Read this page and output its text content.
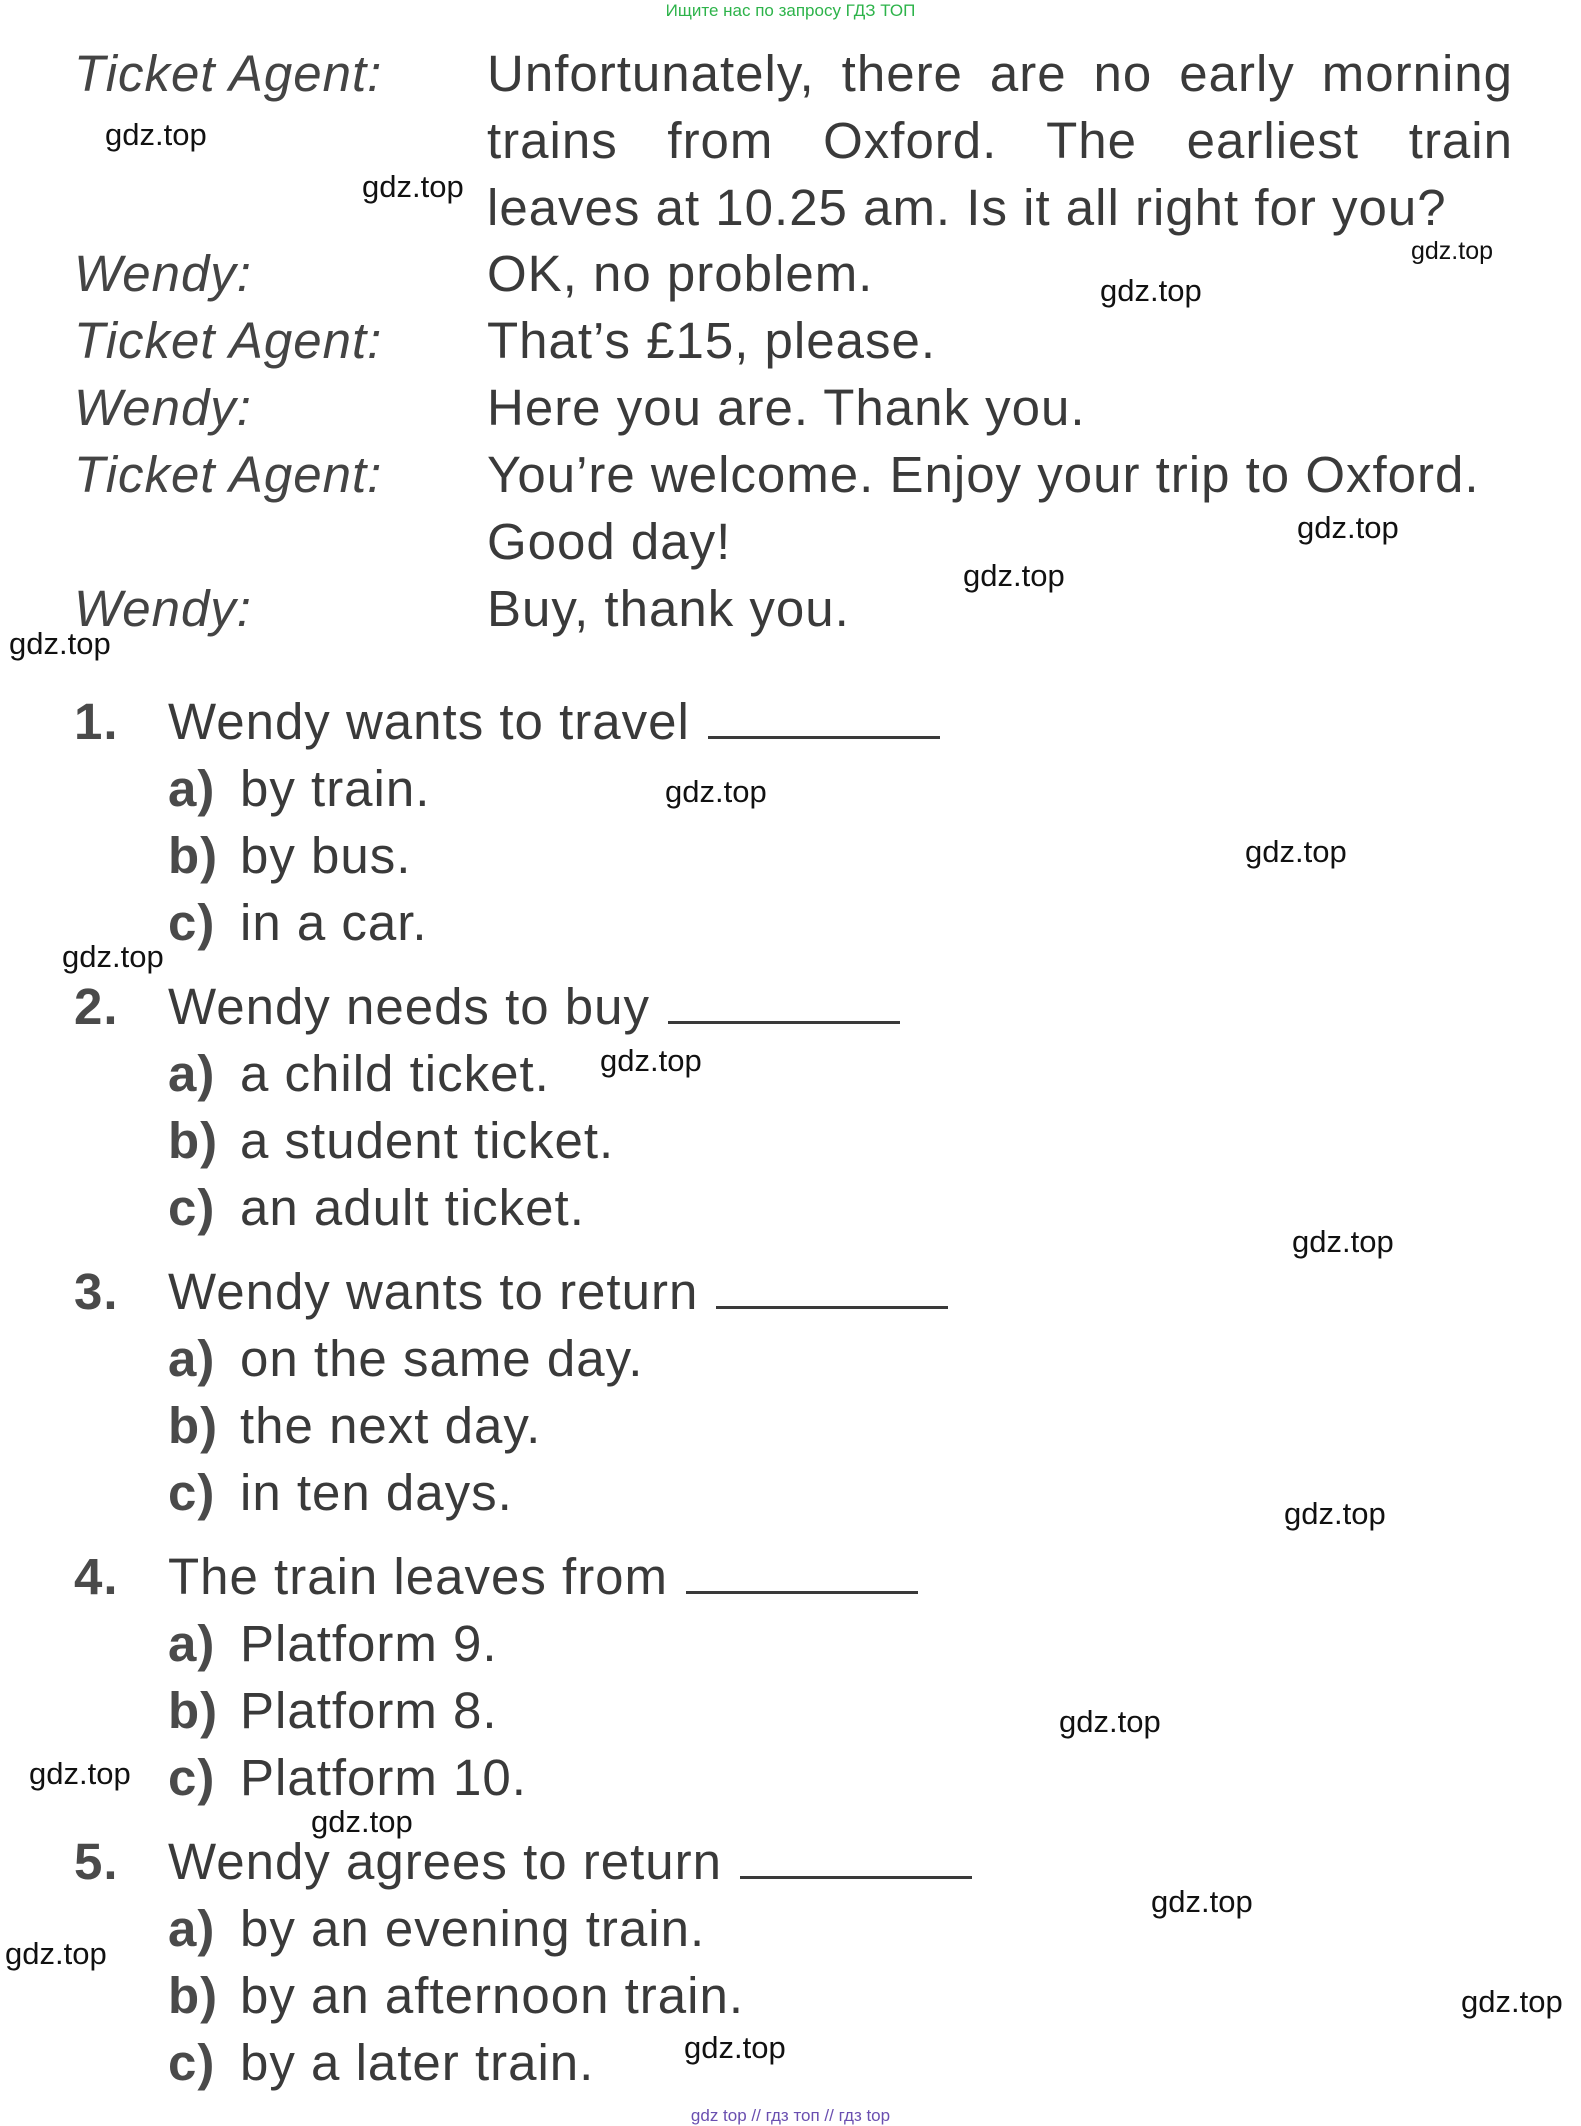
Ищите нас по запросу ГДЗ ТОП
Ticket Agent: Unfortunately, there are no early morning
trains from Oxford. The earliest train
leaves at 10.25 am. Is it all right for you?
Wendy:	OK, no problem.
Ticket Agent: That’s £15, please.
Wendy:	Here you are. Thank you.
Ticket Agent: You’re welcome. Enjoy your trip to Oxford.
Good day!
Wendy:	Buy, thank you.
1. Wendy wants to travel
a) by train.
b) by bus.
c) in a car.
2. Wendy needs to buy
a) a child ticket.
b) a student ticket.
c) an adult ticket.
3. Wendy wants to return
a) on the same day.
b) the next day.
c) in ten days.
4. The train leaves from
a) Platform 9.
b) Platform 8.
c) Platform 10.
5. Wendy agrees to return
a) by an evening train.
b) by an afternoon train.
c) by a later train.
gdz.top
gdz.top
gdz.top
gdz.top
gdz.top
gdz.top
gdz.top
gdz.top
gdz.top
gdz.top
gdz.top
gdz.top
gdz.top
gdz.top
gdz.top
gdz.top
gdz.top
gdz.top
gdz.top
gdz.top
gdz top // гдз топ // гдз top
